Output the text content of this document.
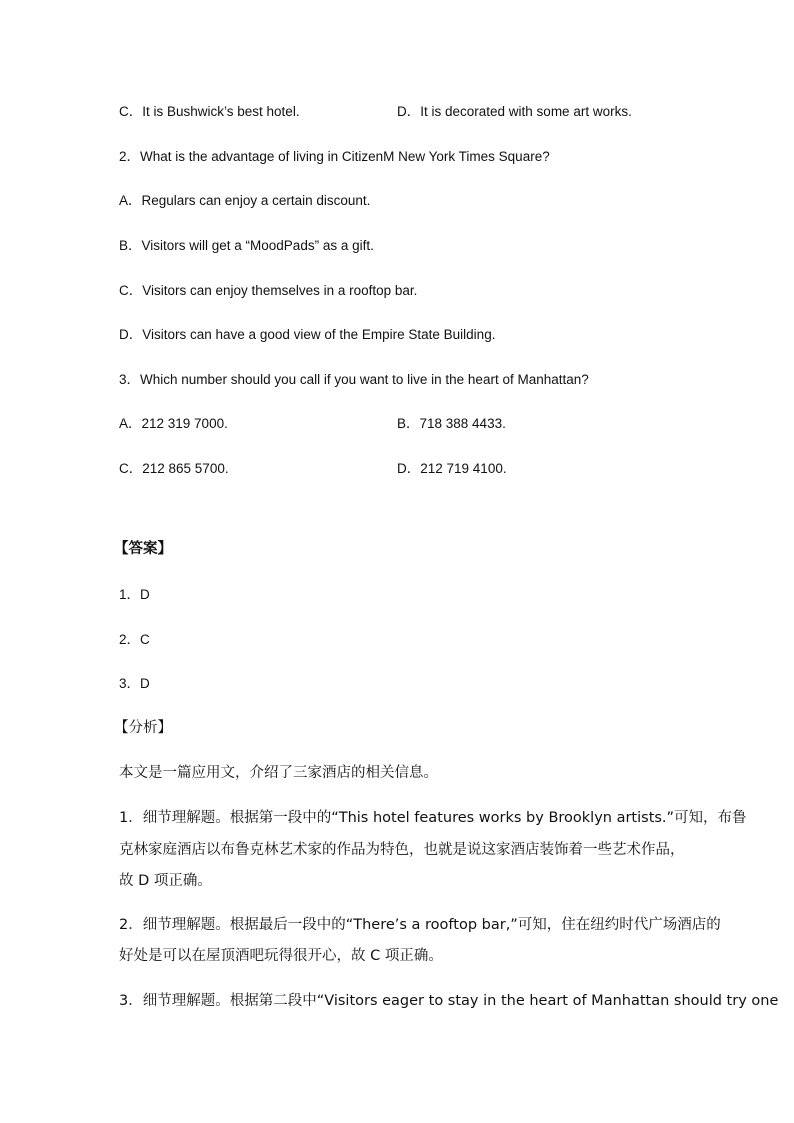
C．It is Bushwick’s best hotel.	D．It is decorated with some art works.
2．What is the advantage of living in CitizenM New York Times Square?
A．Regulars can enjoy a certain discount.
B．Visitors will get a “MoodPads” as a gift.
C．Visitors can enjoy themselves in a rooftop bar.
D．Visitors can have a good view of the Empire State Building.
3．Which number should you call if you want to live in the heart of Manhattan?
A．212 319 7000.	B．718 388 4433.
C．212 865 5700.	D．212 719 4100.
【答案】
1．D
2．C
3．D
【分析】
本文是一篇应用文，介绍了三家酒店的相关信息。
1．细节理解题。根据第一段中的“This hotel features works by Brooklyn artists.”可知，布鲁
克林家庭酒店以布鲁克林艺术家的作品为特色，也就是说这家酒店装饰着一些艺术作品，
故 D 项正确。
2．细节理解题。根据最后一段中的“There’s a rooftop bar,”可知，住在纽约时代广场酒店的
好处是可以在屋顶酒吧玩得很开心，故 C 项正确。
3．细节理解题。根据第二段中“Visitors eager to stay in the heart of Manhattan should try one
